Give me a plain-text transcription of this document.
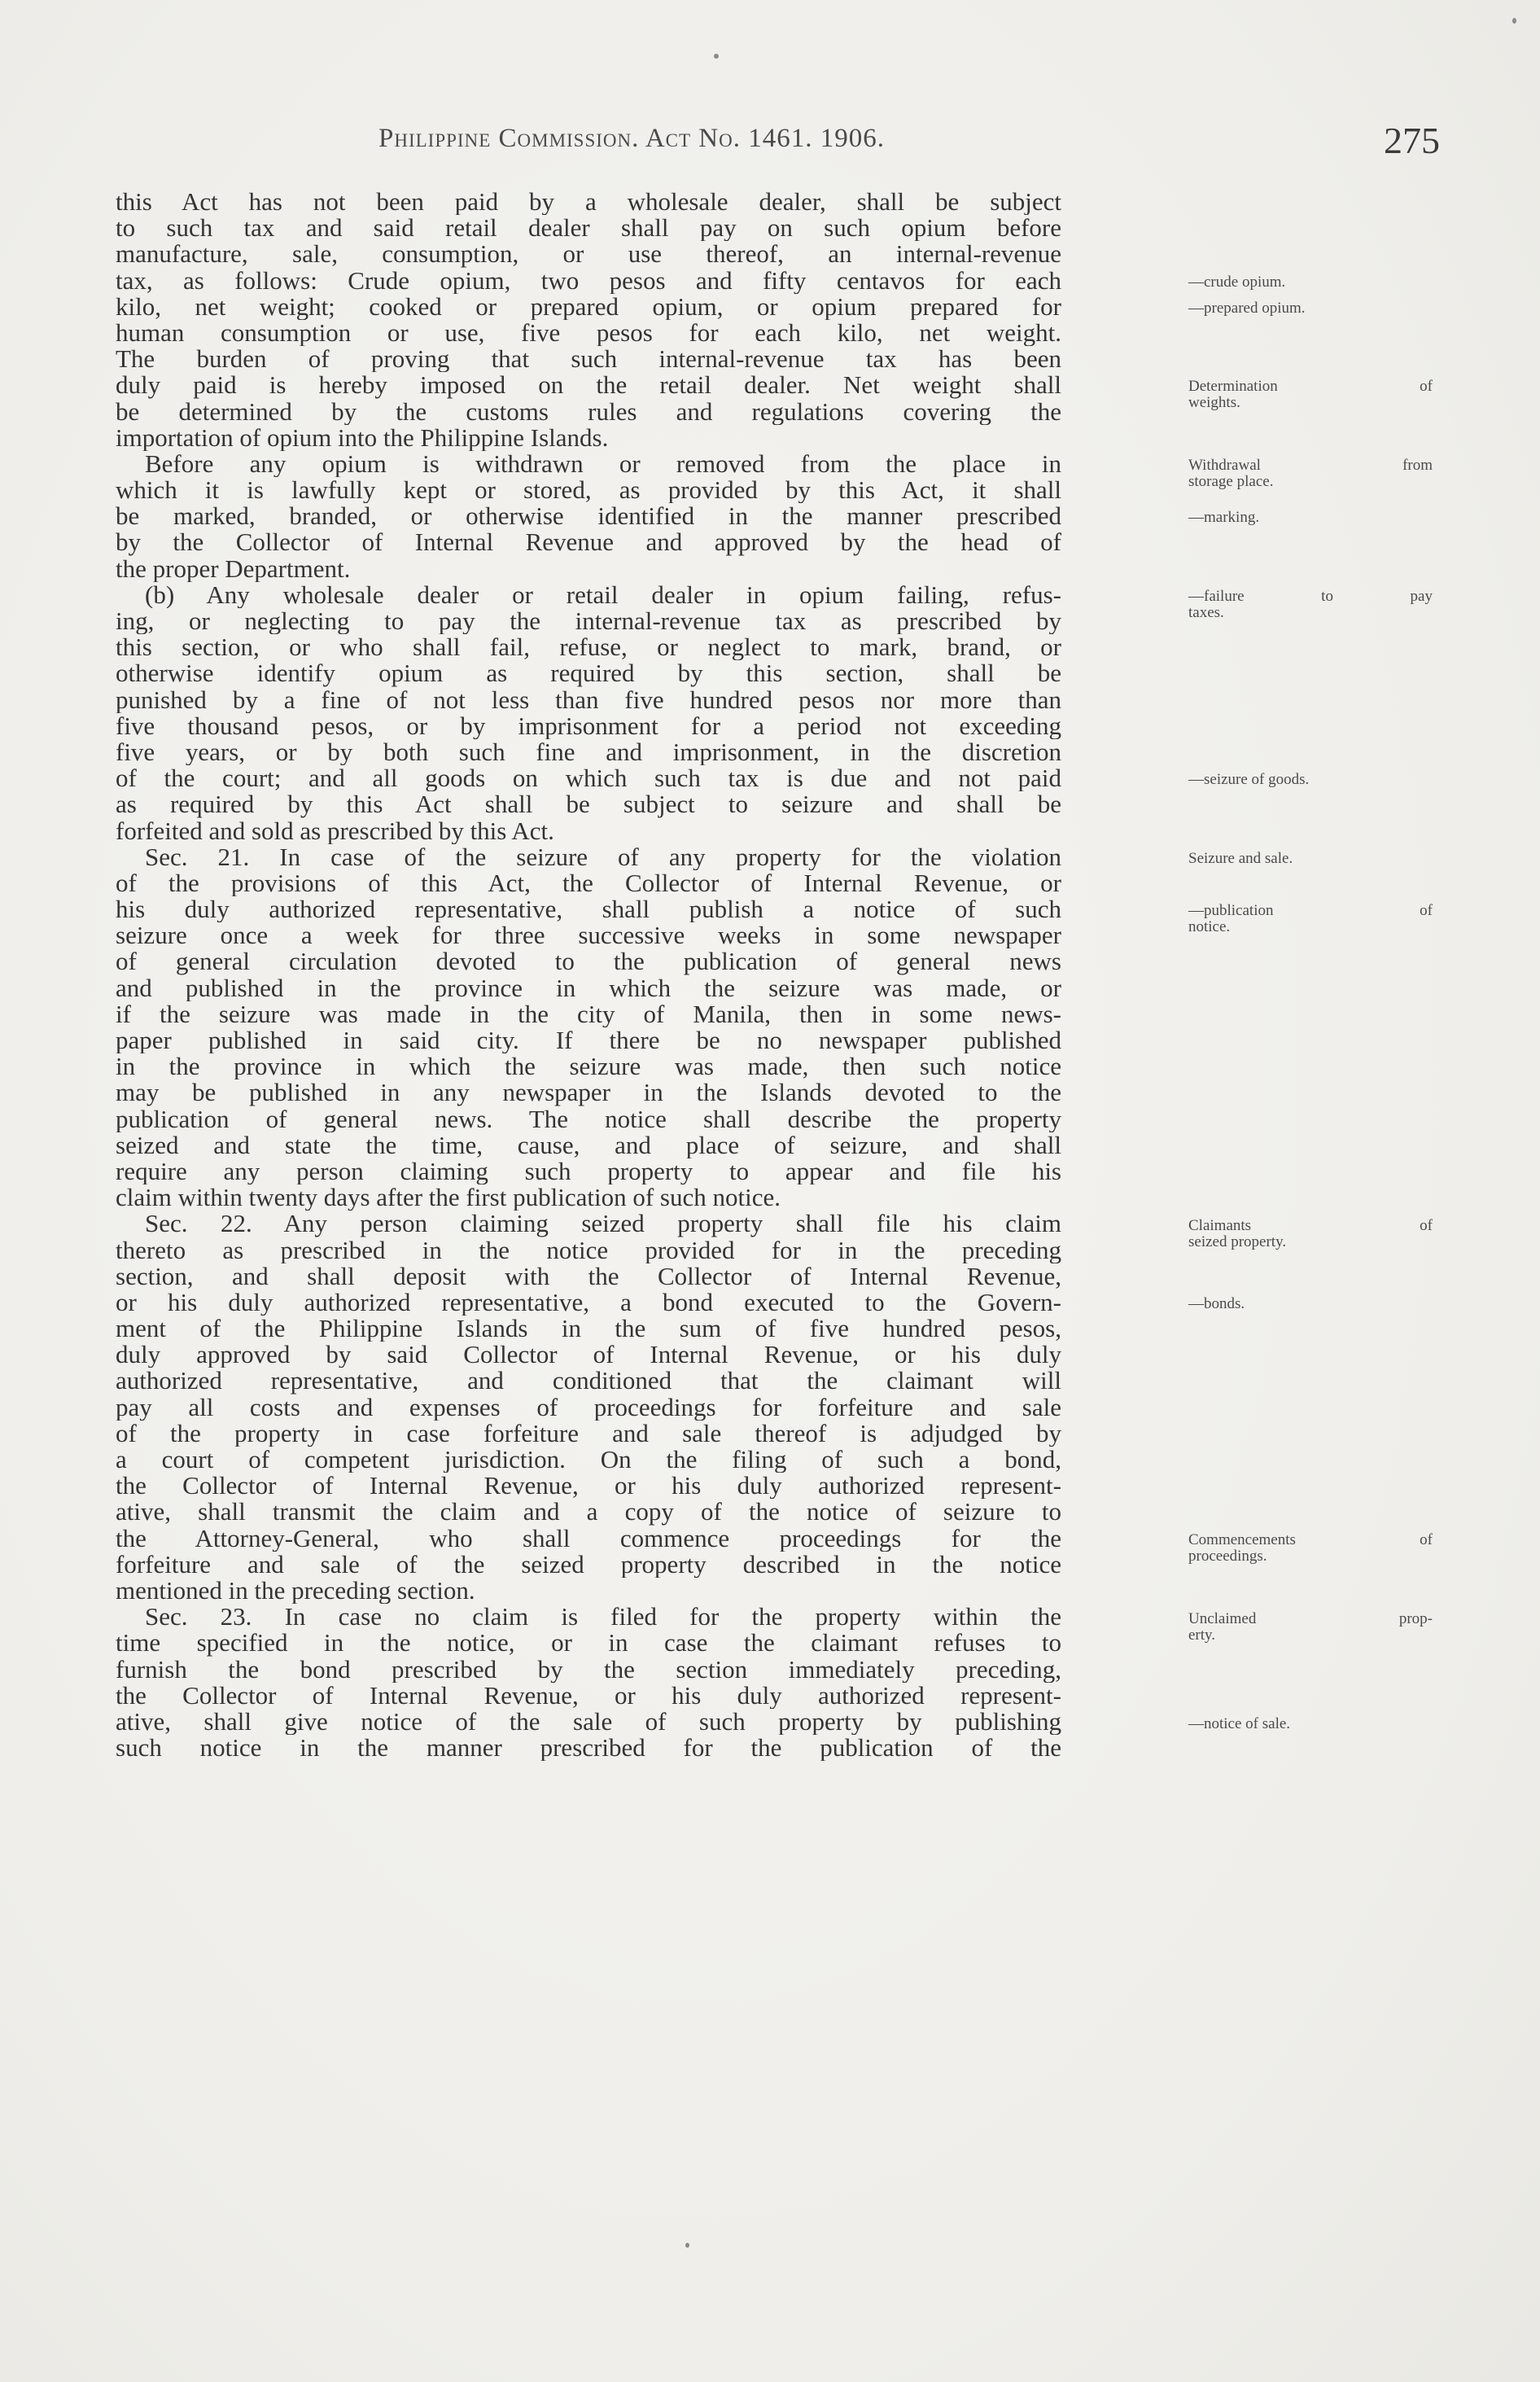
Philippine Commission. Act No. 1461. 1906.	275
this Act has not been paid by a wholesale dealer, shall be subject
to such tax and said retail dealer shall pay on such opium before
manufacture, sale, consumption, or use thereof, an internal-revenue
tax, as follows: Crude opium, two pesos and fifty centavos for each
kilo, net weight; cooked or prepared opium, or opium prepared for
human consumption or use, five pesos for each kilo, net weight.
The burden of proving that such internal-revenue tax has been
duly paid is hereby imposed on the retail dealer. Net weight shall
be determined by the customs rules and regulations covering the
importation of opium into the Philippine Islands.
Before any opium is withdrawn or removed from the place in
which it is lawfully kept or stored, as provided by this Act, it shall
be marked, branded, or otherwise identified in the manner prescribed
by the Collector of Internal Revenue and approved by the head of
the proper Department.
(b) Any wholesale dealer or retail dealer in opium failing, refus-
ing, or neglecting to pay the internal-revenue tax as prescribed by
this section, or who shall fail, refuse, or neglect to mark, brand, or
otherwise identify opium as required by this section, shall be
punished by a fine of not less than five hundred pesos nor more than
five thousand pesos, or by imprisonment for a period not exceeding
five years, or by both such fine and imprisonment, in the discretion
of the court; and all goods on which such tax is due and not paid
as required by this Act shall be subject to seizure and shall be
forfeited and sold as prescribed by this Act.
Sec. 21. In case of the seizure of any property for the violation
of the provisions of this Act, the Collector of Internal Revenue, or
his duly authorized representative, shall publish a notice of such
seizure once a week for three successive weeks in some newspaper
of general circulation devoted to the publication of general news
and published in the province in which the seizure was made, or
if the seizure was made in the city of Manila, then in some news-
paper published in said city. If there be no newspaper published
in the province in which the seizure was made, then such notice
may be published in any newspaper in the Islands devoted to the
publication of general news. The notice shall describe the property
seized and state the time, cause, and place of seizure, and shall
require any person claiming such property to appear and file his
claim within twenty days after the first publication of such notice.
Sec. 22. Any person claiming seized property shall file his claim
thereto as prescribed in the notice provided for in the preceding
section, and shall deposit with the Collector of Internal Revenue,
or his duly authorized representative, a bond executed to the Govern-
ment of the Philippine Islands in the sum of five hundred pesos,
duly approved by said Collector of Internal Revenue, or his duly
authorized representative, and conditioned that the claimant will
pay all costs and expenses of proceedings for forfeiture and sale
of the property in case forfeiture and sale thereof is adjudged by
a court of competent jurisdiction. On the filing of such a bond,
the Collector of Internal Revenue, or his duly authorized represent-
ative, shall transmit the claim and a copy of the notice of seizure to
the Attorney-General, who shall commence proceedings for the
forfeiture and sale of the seized property described in the notice
mentioned in the preceding section.
Sec. 23. In case no claim is filed for the property within the
time specified in the notice, or in case the claimant refuses to
furnish the bond prescribed by the section immediately preceding,
the Collector of Internal Revenue, or his duly authorized represent-
ative, shall give notice of the sale of such property by publishing
such notice in the manner prescribed for the publication of the
—crude opium.
—prepared opium.
Determination of
weights.
Withdrawal from
storage place.
—marking.
—failure to pay
taxes.
—seizure of goods.
Seizure and sale.
—publication of
notice.
Claimants of
seized property.
—bonds.
Commencements of
proceedings.
Unclaimed prop-
erty.
—notice of sale.
